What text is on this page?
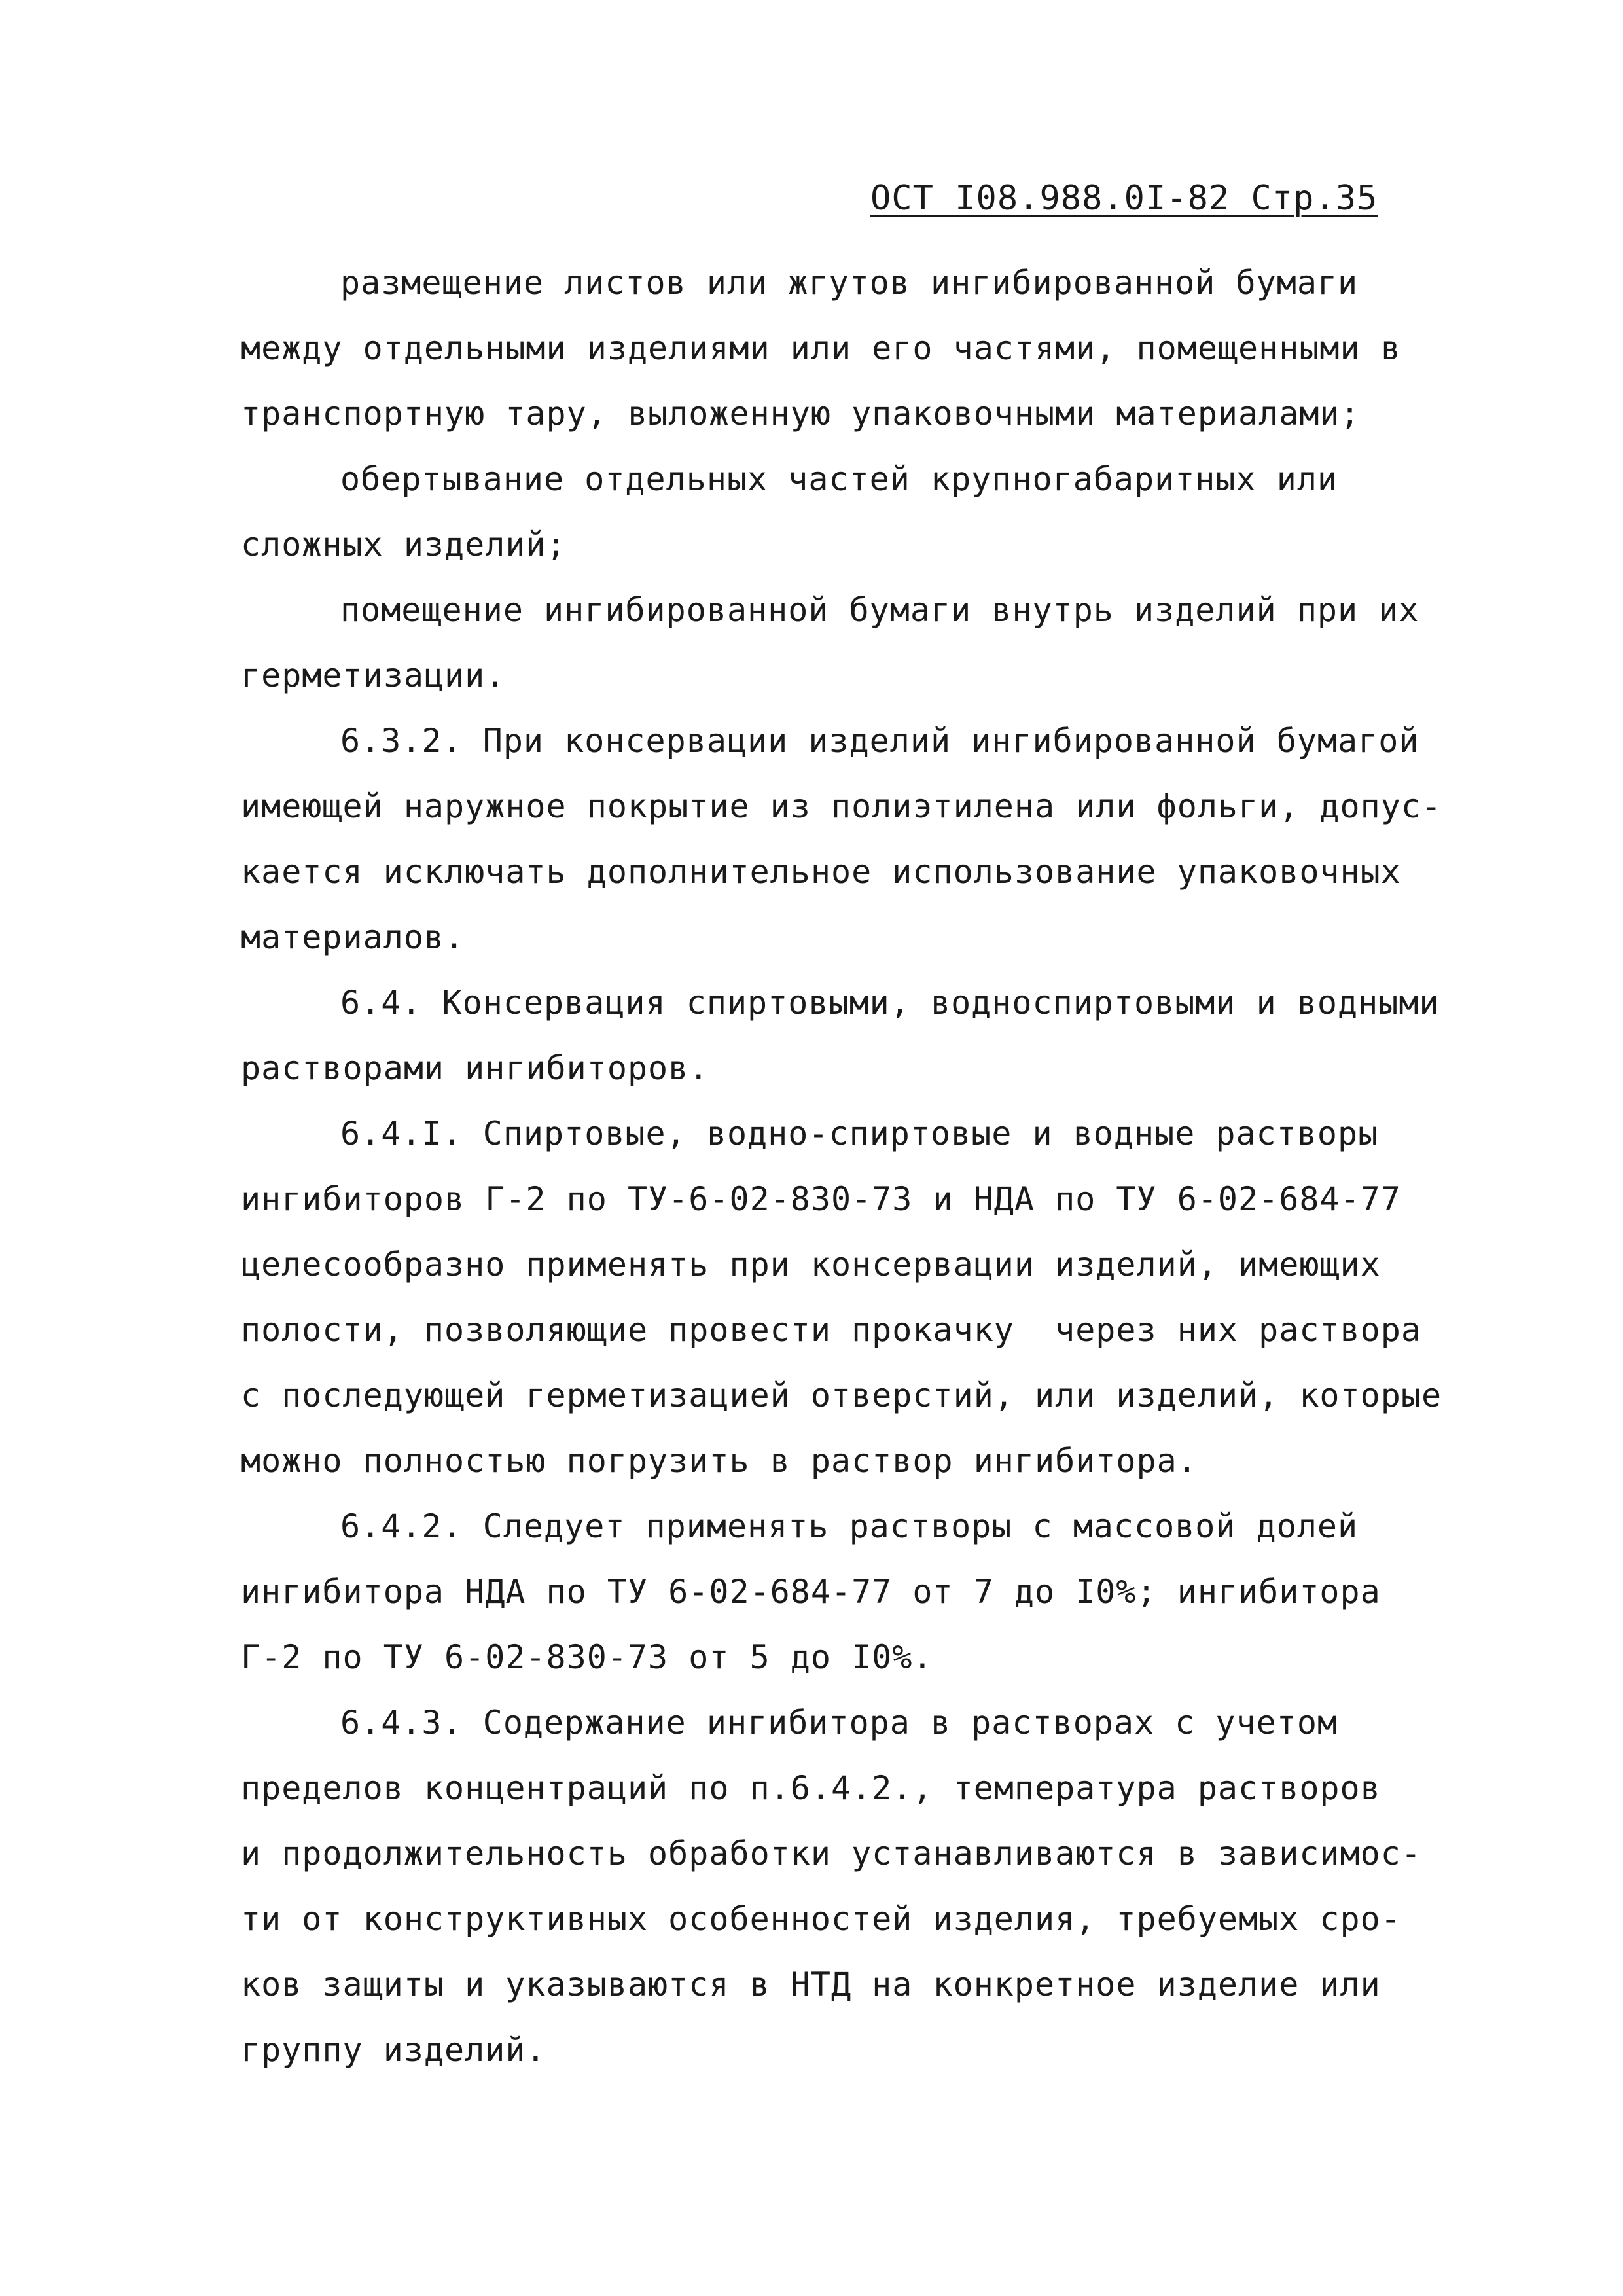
ОСТ I08.988.0I-82 Стр.35

размещение листов или жгутов ингибированной бумаги

между отдельными изделиями или его частями, помещенными в

транспортную тару, выложенную упаковочными материалами;

обертывание отдельных частей крупногабаритных или

сложных изделий;

помещение ингибированной бумаги внутрь изделий при их

герметизации.

6.3.2. При консервации изделий ингибированной бумагой

имеющей наружное покрытие из полиэтилена или фольги, допус-

кается исключать дополнительное использование упаковочных

материалов.

6.4. Консервация спиртовыми, водноспиртовыми и водными

растворами ингибиторов.

6.4.I. Спиртовые, водно-спиртовые и водные растворы

ингибиторов Г-2 по ТУ-6-02-830-73 и НДА по ТУ 6-02-684-77

целесообразно применять при консервации изделий, имеющих

полости, позволяющие провести прокачку  через них раствора

с последующей герметизацией отверстий, или изделий, которые

можно полностью погрузить в раствор ингибитора.

6.4.2. Следует применять растворы с массовой долей

ингибитора НДА по ТУ 6-02-684-77 от 7 до I0%; ингибитора

Г-2 по ТУ 6-02-830-73 от 5 до I0%.

6.4.3. Содержание ингибитора в растворах с учетом

пределов концентраций по п.6.4.2., температура растворов

и продолжительность обработки устанавливаются в зависимос-

ти от конструктивных особенностей изделия, требуемых сро-

ков защиты и указываются в НТД на конкретное изделие или

группу изделий.
